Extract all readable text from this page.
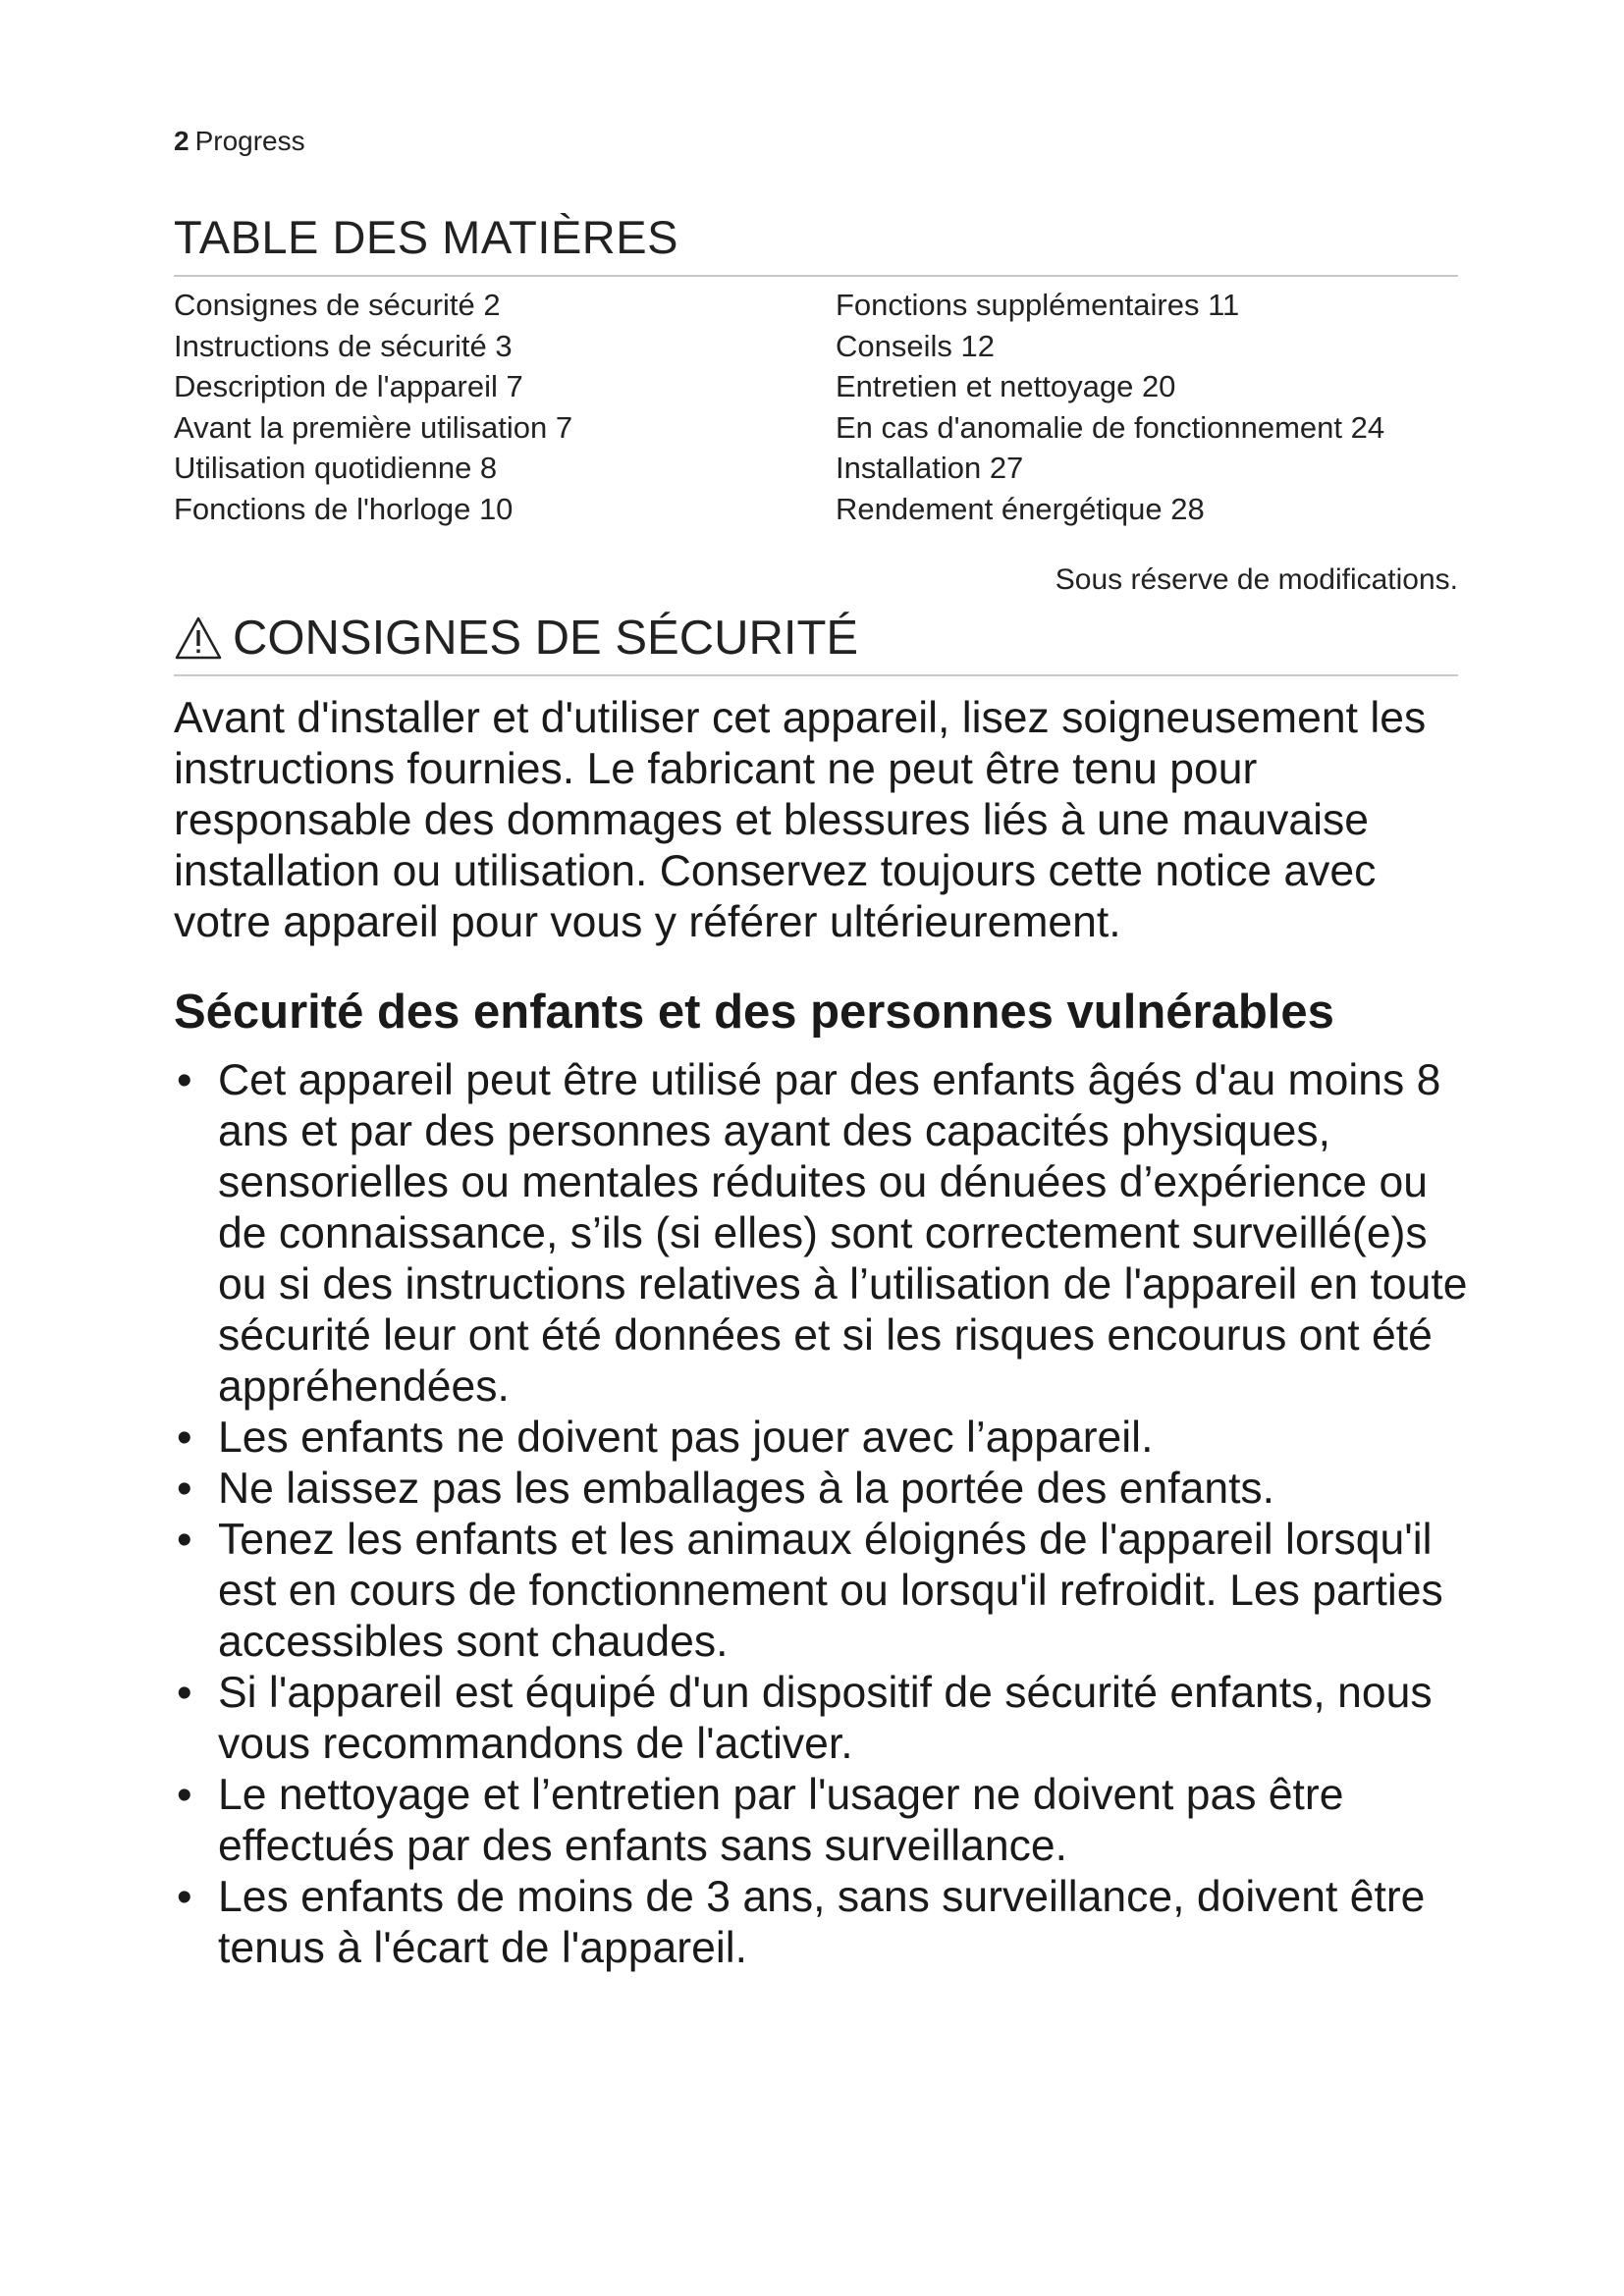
2 Progress
TABLE DES MATIÈRES
Consignes de sécurité 2
Instructions de sécurité 3
Description de l'appareil 7
Avant la première utilisation 7
Utilisation quotidienne 8
Fonctions de l'horloge 10
Fonctions supplémentaires 11
Conseils 12
Entretien et nettoyage 20
En cas d'anomalie de fonctionnement 24
Installation 27
Rendement énergétique 28
Sous réserve de modifications.
CONSIGNES DE SÉCURITÉ

Avant d'installer et d'utiliser cet appareil, lisez soigneusement les instructions fournies. Le fabricant ne peut être tenu pour responsable des dommages et blessures liés à une mauvaise installation ou utilisation. Conservez toujours cette notice avec votre appareil pour vous y référer ultérieurement.

Sécurité des enfants et des personnes vulnérables
• Cet appareil peut être utilisé par des enfants âgés d'au moins 8 ans et par des personnes ayant des capacités physiques, sensorielles ou mentales réduites ou dénuées d’expérience ou de connaissance, s’ils (si elles) sont correctement surveillé(e)s ou si des instructions relatives à l’utilisation de l'appareil en toute sécurité leur ont été données et si les risques encourus ont été appréhendées.
• Les enfants ne doivent pas jouer avec l’appareil.
• Ne laissez pas les emballages à la portée des enfants.
• Tenez les enfants et les animaux éloignés de l'appareil lorsqu'il est en cours de fonctionnement ou lorsqu'il refroidit. Les parties accessibles sont chaudes.
• Si l'appareil est équipé d'un dispositif de sécurité enfants, nous vous recommandons de l'activer.
• Le nettoyage et l’entretien par l'usager ne doivent pas être effectués par des enfants sans surveillance.
• Les enfants de moins de 3 ans, sans surveillance, doivent être tenus à l'écart de l'appareil.
